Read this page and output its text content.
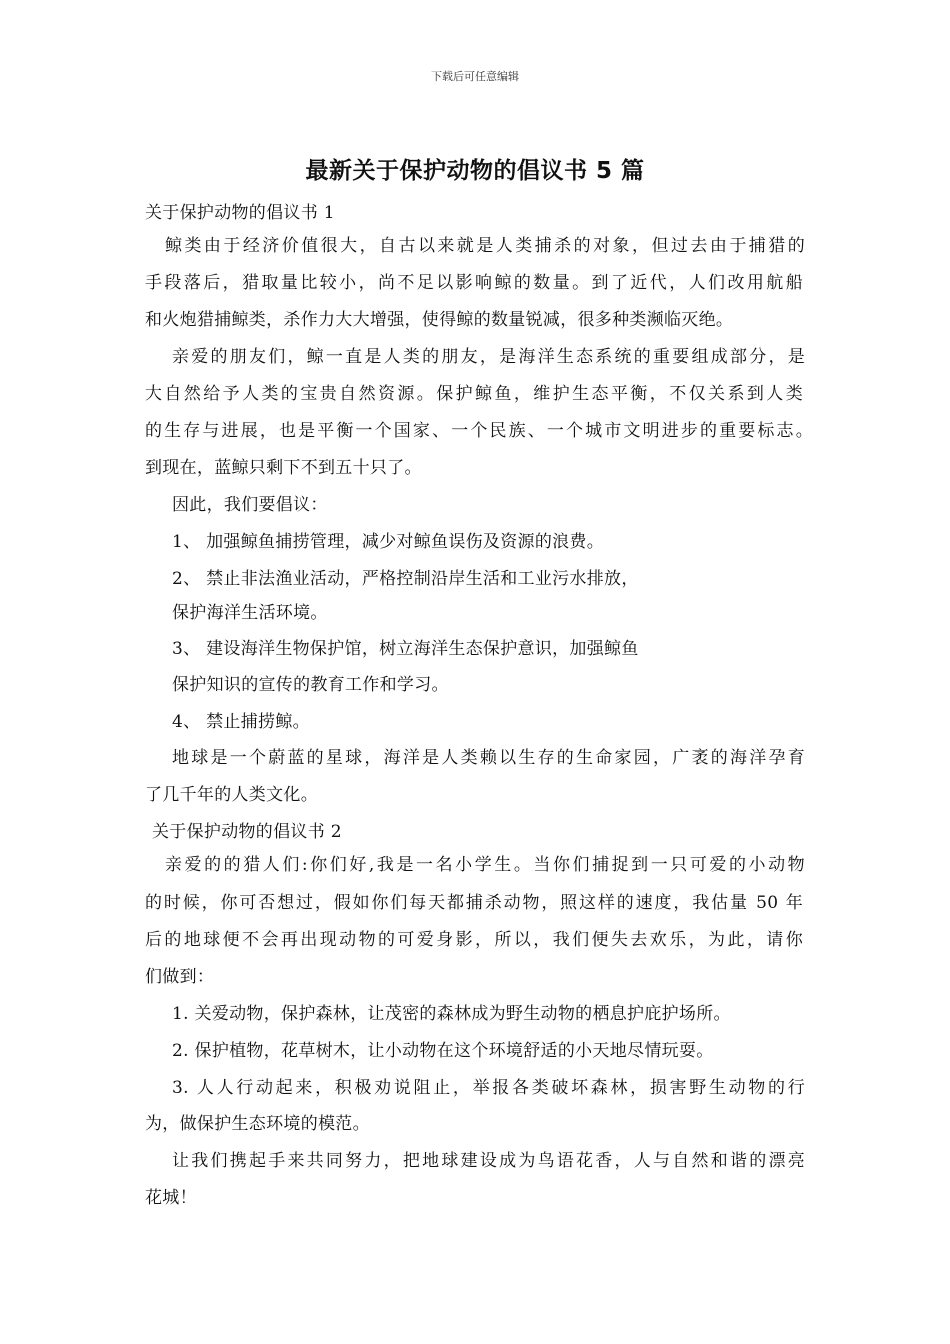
下载后可任意编辑
最新关于保护动物的倡议书 5 篇
关于保护动物的倡议书 1
鲸类由于经济价值很大，自古以来就是人类捕杀的对象，但过去由于捕猎的
手段落后，猎取量比较小，尚不足以影响鲸的数量。到了近代，人们改用航船
和火炮猎捕鲸类，杀作力大大增强，使得鲸的数量锐减，很多种类濒临灭绝。
亲爱的朋友们，鲸一直是人类的朋友，是海洋生态系统的重要组成部分，是
大自然给予人类的宝贵自然资源。保护鲸鱼，维护生态平衡，不仅关系到人类
的生存与进展，也是平衡一个国家、一个民族、一个城市文明进步的重要标志。
到现在，蓝鲸只剩下不到五十只了。
因此，我们要倡议：
1、 加强鲸鱼捕捞管理，减少对鲸鱼误伤及资源的浪费。
2、 禁止非法渔业活动，严格控制沿岸生活和工业污水排放，
保护海洋生活环境。
3、 建设海洋生物保护馆，树立海洋生态保护意识，加强鲸鱼
保护知识的宣传的教育工作和学习。
4、 禁止捕捞鲸。
地球是一个蔚蓝的星球，海洋是人类赖以生存的生命家园，广袤的海洋孕育
了几千年的人类文化。
关于保护动物的倡议书 2
亲爱的的猎人们:你们好,我是一名小学生。当你们捕捉到一只可爱的小动物
的时候，你可否想过，假如你们每天都捕杀动物，照这样的速度，我估量 50 年
后的地球便不会再出现动物的可爱身影，所以，我们便失去欢乐，为此，请你
们做到：
1. 关爱动物，保护森林，让茂密的森林成为野生动物的栖息护庇护场所。
2. 保护植物，花草树木，让小动物在这个环境舒适的小天地尽情玩耍。
3. 人人行动起来，积极劝说阻止，举报各类破坏森林，损害野生动物的行
为，做保护生态环境的模范。
让我们携起手来共同努力，把地球建设成为鸟语花香，人与自然和谐的漂亮
花城！
